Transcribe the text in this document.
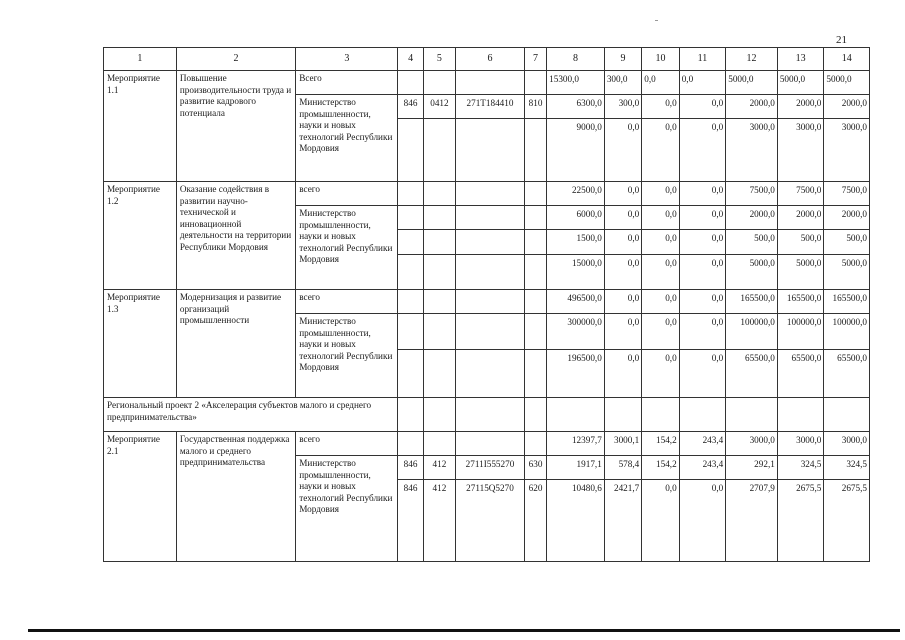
21
1	2	3	4	5	6	7	8	9	10	11	12	13	14
Мероприятие 1.1	Повышение производительности труда и развитие кадрового потенциала	Всего					15300,0	300,0	0,0	0,0	5000,0	5000,0	5000,0
		Министерство промышленности, науки и новых технологий Республики Мордовия	846	0412	271Т184410	810	6300,0	300,0	0,0	0,0	2000,0	2000,0	2000,0
							9000,0	0,0	0,0	0,0	3000,0	3000,0	3000,0
Мероприятие 1.2	Оказание содействия в развитии научно-технической и инновационной деятельности на территории Республики Мордовия	всего					22500,0	0,0	0,0	0,0	7500,0	7500,0	7500,0
		Министерство промышленности, науки и новых технологий Республики Мордовия					6000,0	0,0	0,0	0,0	2000,0	2000,0	2000,0
							1500,0	0,0	0,0	0,0	500,0	500,0	500,0
							15000,0	0,0	0,0	0,0	5000,0	5000,0	5000,0
Мероприятие 1.3	Модернизация и развитие организаций промышленности	всего					496500,0	0,0	0,0	0,0	165500,0	165500,0	165500,0
		Министерство промышленности, науки и новых технологий Республики Мордовия					300000,0	0,0	0,0	0,0	100000,0	100000,0	100000,0
							196500,0	0,0	0,0	0,0	65500,0	65500,0	65500,0
Региональный проект 2 «Акселерация субъектов малого и среднего предпринимательства»													
Мероприятие 2.1	Государственная поддержка малого и среднего предпринимательства	всего					12397,7	3000,1	154,2	243,4	3000,0	3000,0	3000,0
		Министерство промышленности, науки и новых технологий Республики Мордовия	846	412	2711I555270	630	1917,1	578,4	154,2	243,4	292,1	324,5	324,5
			846	412	27115Q5270	620	10480,6	2421,7	0,0	0,0	2707,9	2675,5	2675,5
